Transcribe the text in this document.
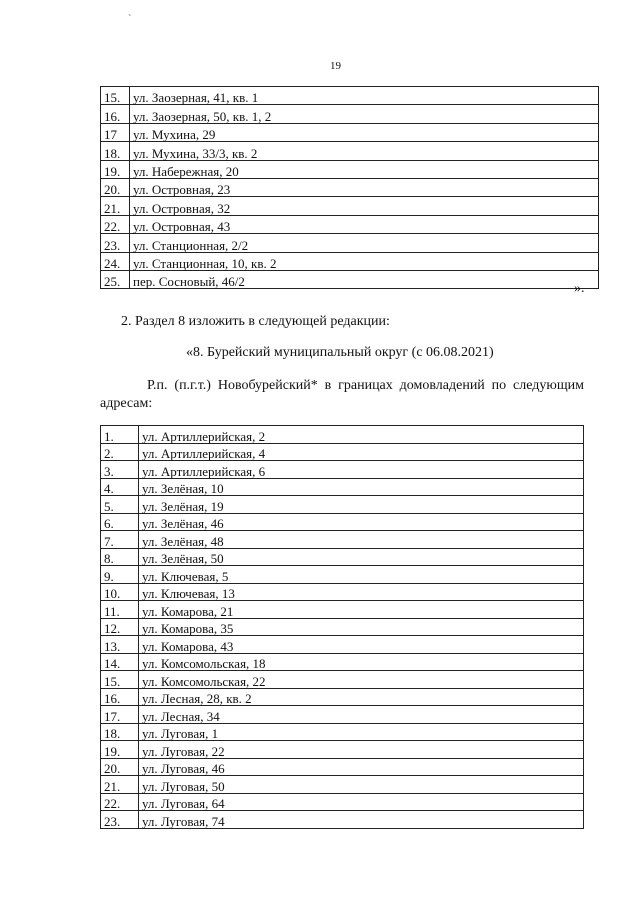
`
19
15.	ул. Заозерная, 41, кв. 1
16.	ул. Заозерная, 50, кв. 1, 2
17	ул. Мухина, 29
18.	ул. Мухина, 33/3, кв. 2
19.	ул. Набережная, 20
20.	ул. Островная, 23
21.	ул. Островная, 32
22.	ул. Островная, 43
23.	ул. Станционная, 2/2
24.	ул. Станционная, 10, кв. 2
25.	пер. Сосновый, 46/2	».
2. Раздел 8 изложить в следующей редакции:
«8. Бурейский муниципальный округ (с 06.08.2021)
Р.п. (п.г.т.) Новобурейский* в границах домовладений по следующим адресам:
1.	ул. Артиллерийская, 2
2.	ул. Артиллерийская, 4
3.	ул. Артиллерийская, 6
4.	ул. Зелёная, 10
5.	ул. Зелёная, 19
6.	ул. Зелёная, 46
7.	ул. Зелёная, 48
8.	ул. Зелёная, 50
9.	ул. Ключевая, 5
10.	ул. Ключевая, 13
11.	ул. Комарова, 21
12.	ул. Комарова, 35
13.	ул. Комарова, 43
14.	ул. Комсомольская, 18
15.	ул. Комсомольская, 22
16.	ул. Лесная, 28, кв. 2
17.	ул. Лесная, 34
18.	ул. Луговая, 1
19.	ул. Луговая, 22
20.	ул. Луговая, 46
21.	ул. Луговая, 50
22.	ул. Луговая, 64
23.	ул. Луговая, 74
